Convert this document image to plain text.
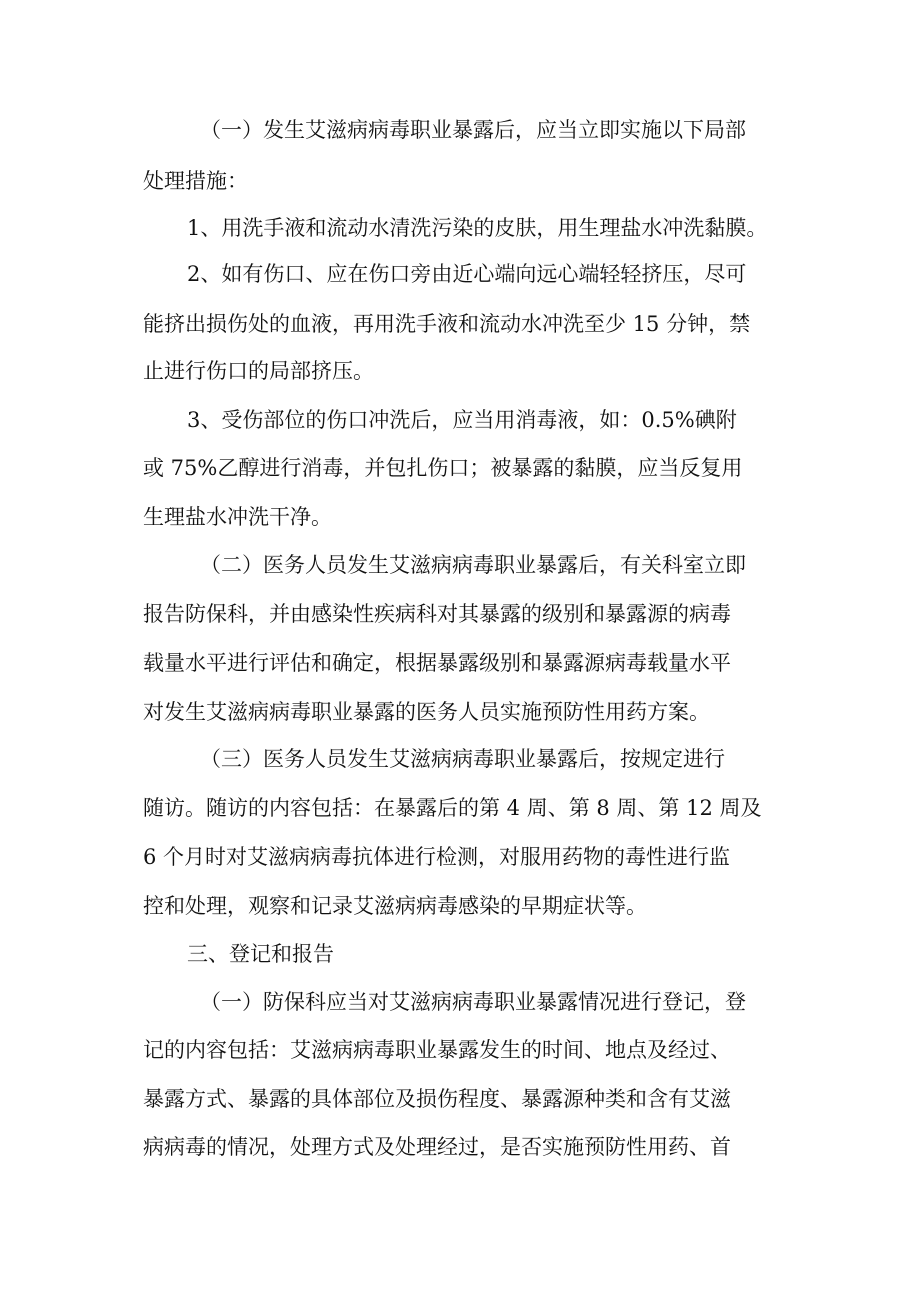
（一）发生艾滋病病毒职业暴露后，应当立即实施以下局部
处理措施：
1、用洗手液和流动水清洗污染的皮肤，用生理盐水冲洗黏膜。
2、如有伤口、应在伤口旁由近心端向远心端轻轻挤压，尽可
能挤出损伤处的血液，再用洗手液和流动水冲洗至少 15 分钟，禁
止进行伤口的局部挤压。
3、受伤部位的伤口冲洗后，应当用消毒液，如：0.5%碘附
或 75%乙醇进行消毒，并包扎伤口；被暴露的黏膜，应当反复用
生理盐水冲洗干净。
（二）医务人员发生艾滋病病毒职业暴露后，有关科室立即
报告防保科，并由感染性疾病科对其暴露的级别和暴露源的病毒
载量水平进行评估和确定，根据暴露级别和暴露源病毒载量水平
对发生艾滋病病毒职业暴露的医务人员实施预防性用药方案。
（三）医务人员发生艾滋病病毒职业暴露后，按规定进行
随访。随访的内容包括：在暴露后的第 4 周、第 8 周、第 12 周及
6 个月时对艾滋病病毒抗体进行检测，对服用药物的毒性进行监
控和处理，观察和记录艾滋病病毒感染的早期症状等。
三、登记和报告
（一）防保科应当对艾滋病病毒职业暴露情况进行登记，登
记的内容包括：艾滋病病毒职业暴露发生的时间、地点及经过、
暴露方式、暴露的具体部位及损伤程度、暴露源种类和含有艾滋
病病毒的情况，处理方式及处理经过，是否实施预防性用药、首
